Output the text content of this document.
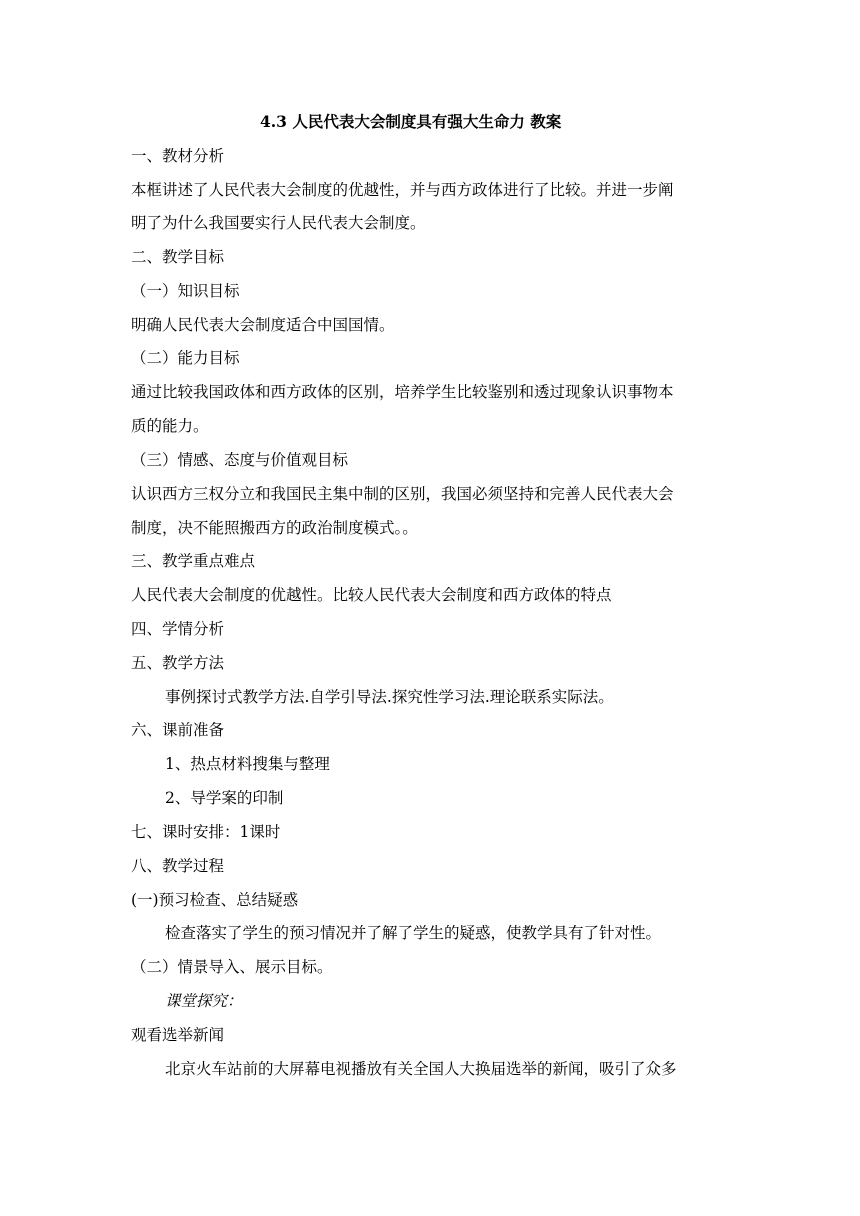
4.3 人民代表大会制度具有强大生命力 教案
一、教材分析
本框讲述了人民代表大会制度的优越性，并与西方政体进行了比较。并进一步阐
明了为什么我国要实行人民代表大会制度。
二、教学目标
（一）知识目标
明确人民代表大会制度适合中国国情。
（二）能力目标
通过比较我国政体和西方政体的区别，培养学生比较鉴别和透过现象认识事物本
质的能力。
（三）情感、态度与价值观目标
认识西方三权分立和我国民主集中制的区别，我国必须坚持和完善人民代表大会
制度，决不能照搬西方的政治制度模式。。
三、教学重点难点
人民代表大会制度的优越性。比较人民代表大会制度和西方政体的特点
四、学情分析
五、教学方法
事例探讨式教学方法.自学引导法.探究性学习法.理论联系实际法。
六、课前准备
1、热点材料搜集与整理
2、导学案的印制
七、课时安排：1课时
八、教学过程
(一)预习检查、总结疑惑
检查落实了学生的预习情况并了解了学生的疑惑，使教学具有了针对性。
（二）情景导入、展示目标。
课堂探究：
观看选举新闻
北京火车站前的大屏幕电视播放有关全国人大换届选举的新闻，吸引了众多
